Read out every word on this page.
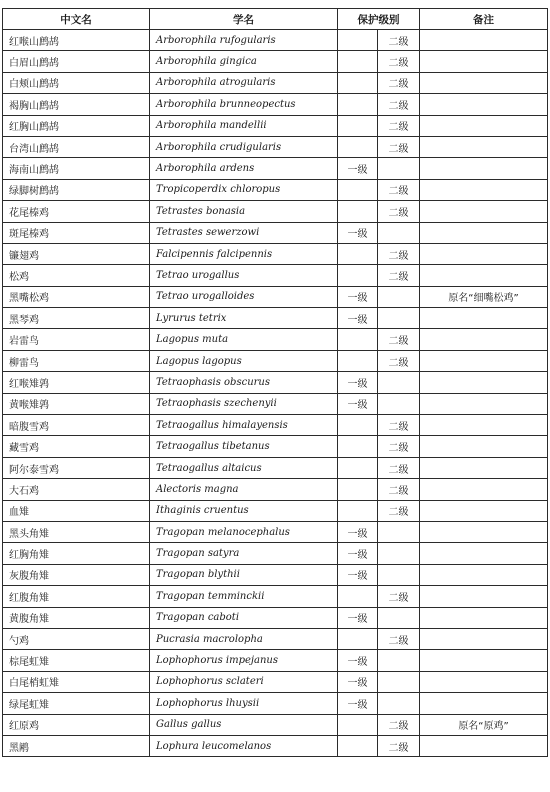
中文名	学名	保护级别		备注
红喉山鹧鸪	Arborophila rufogularis		二级	
白眉山鹧鸪	Arborophila gingica		二级	
白颊山鹧鸪	Arborophila atrogularis		二级	
褐胸山鹧鸪	Arborophila brunneopectus		二级	
红胸山鹧鸪	Arborophila mandellii		二级	
台湾山鹧鸪	Arborophila crudigularis		二级	
海南山鹧鸪	Arborophila ardens	一级		
绿脚树鹧鸪	Tropicoperdix chloropus		二级	
花尾榛鸡	Tetrastes bonasia		二级	
斑尾榛鸡	Tetrastes sewerzowi	一级		
镰翅鸡	Falcipennis falcipennis		二级	
松鸡	Tetrao urogallus		二级	
黑嘴松鸡	Tetrao urogalloides	一级		原名“细嘴松鸡”
黑琴鸡	Lyrurus tetrix	一级		
岩雷鸟	Lagopus muta		二级	
柳雷鸟	Lagopus lagopus		二级	
红喉雉鹑	Tetraophasis obscurus	一级		
黄喉雉鹑	Tetraophasis szechenyii	一级		
暗腹雪鸡	Tetraogallus himalayensis		二级	
藏雪鸡	Tetraogallus tibetanus		二级	
阿尔泰雪鸡	Tetraogallus altaicus		二级	
大石鸡	Alectoris magna		二级	
血雉	Ithaginis cruentus		二级	
黑头角雉	Tragopan melanocephalus	一级		
红胸角雉	Tragopan satyra	一级		
灰腹角雉	Tragopan blythii	一级		
红腹角雉	Tragopan temminckii		二级	
黄腹角雉	Tragopan caboti	一级		
勺鸡	Pucrasia macrolopha		二级	
棕尾虹雉	Lophophorus impejanus	一级		
白尾梢虹雉	Lophophorus sclateri	一级		
绿尾虹雉	Lophophorus lhuysii	一级		
红原鸡	Gallus gallus		二级	原名“原鸡”
黑鹇	Lophura leucomelanos		二级	
